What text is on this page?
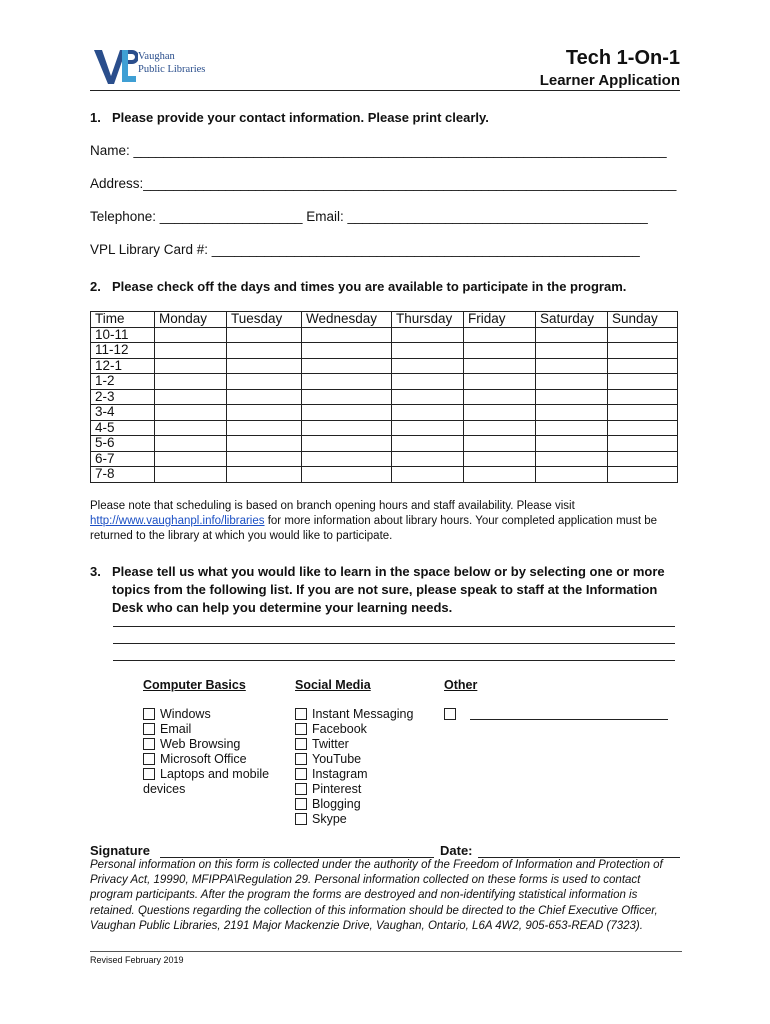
Vaughan
Public Libraries
Tech 1-On-1
Learner Application
1. Please provide your contact information. Please print clearly.
Name: _______________________________________________________________________
Address:_______________________________________________________________________
Telephone: ___________________ Email: ________________________________________
VPL Library Card #: _________________________________________________________
2. Please check off the days and times you are available to participate in the program.
Time	Monday	Tuesday	Wednesday	Thursday	Friday	Saturday	Sunday
10-11							
11-12							
12-1							
1-2							
2-3							
3-4							
4-5							
5-6							
6-7							
7-8							
Please note that scheduling is based on branch opening hours and staff availability. Please visit http://www.vaughanpl.info/libraries for more information about library hours. Your completed application must be returned to the library at which you would like to participate.
3. Please tell us what you would like to learn in the space below or by selecting one or more topics from the following list. If you are not sure, please speak to staff at the Information Desk who can help you determine your learning needs.
Computer Basics	Social Media	Other
Windows
Email
Web Browsing
Microsoft Office
Laptops and mobile
devices
Instant Messaging
Facebook
Twitter
YouTube
Instagram
Pinterest
Blogging
Skype
Signature	Date:
Personal information on this form is collected under the authority of the Freedom of Information and Protection of Privacy Act, 19990, MFIPPA\Regulation 29. Personal information collected on these forms is used to contact program participants. After the program the forms are destroyed and non-identifying statistical information is retained. Questions regarding the collection of this information should be directed to the Chief Executive Officer, Vaughan Public Libraries, 2191 Major Mackenzie Drive, Vaughan, Ontario, L6A 4W2, 905-653-READ (7323).
Revised February 2019
